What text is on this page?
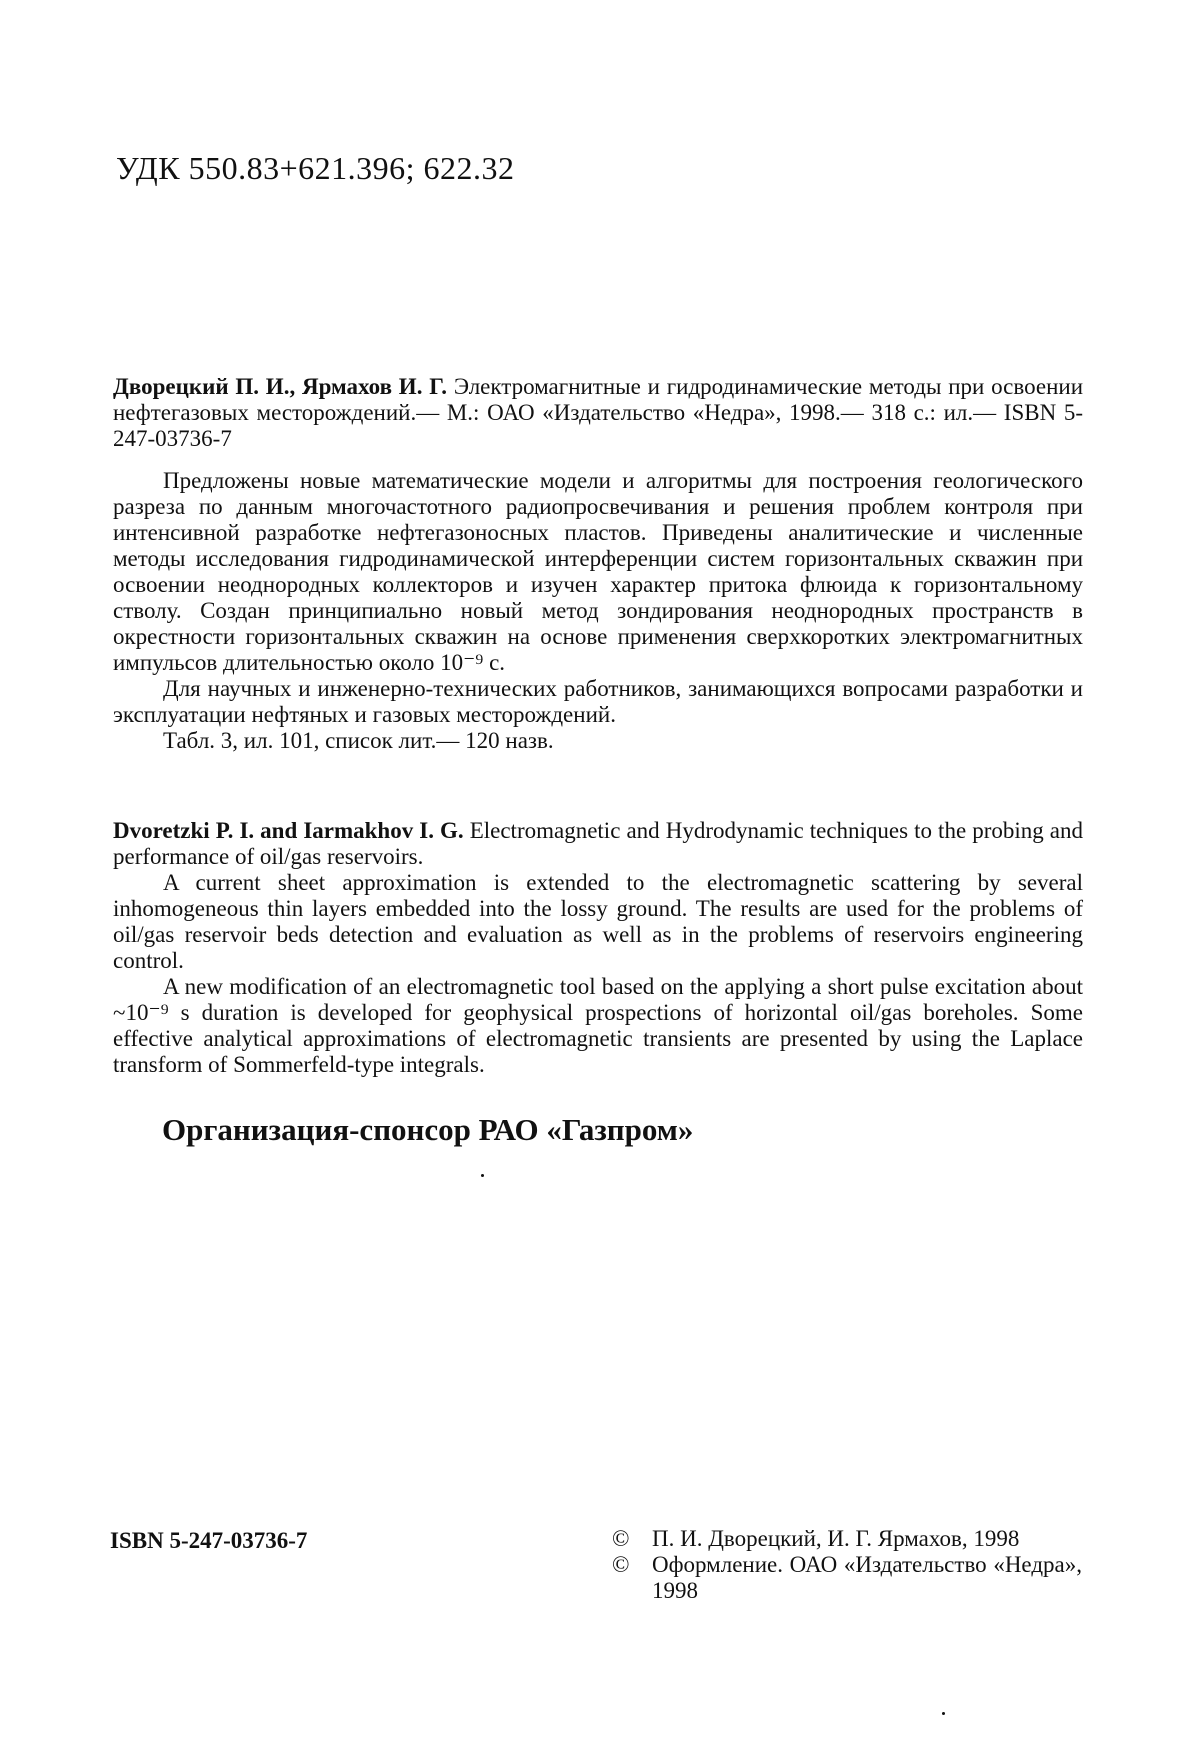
УДК 550.83+621.396; 622.32

Дворецкий П. И., Ярмахов И. Г. Электромагнитные и гидродинамические методы при освоении нефтегазовых месторождений.— М.: ОАО «Издательство «Недра», 1998.— 318 с.: ил.— ISBN 5-247-03736-7

Предложены новые математические модели и алгоритмы для построения геологического разреза по данным многочастотного радиопросвечивания и решения проблем контроля при интенсивной разработке нефтегазоносных пластов. Приведены аналитические и численные методы исследования гидродинамической интерференции систем горизонтальных скважин при освоении неоднородных коллекторов и изучен характер притока флюида к горизонтальному стволу. Создан принципиально новый метод зондирования неоднородных пространств в окрестности горизонтальных скважин на основе применения сверхкоротких электромагнитных импульсов длительностью около 10⁻⁹ с.

Для научных и инженерно-технических работников, занимающихся вопросами разработки и эксплуатации нефтяных и газовых месторождений.

Табл. 3, ил. 101, список лит.— 120 назв.

Dvoretzki P. I. and Iarmakhov I. G. Electromagnetic and Hydrodynamic techniques to the probing and performance of oil/gas reservoirs.

A current sheet approximation is extended to the electromagnetic scattering by several inhomogeneous thin layers embedded into the lossy ground. The results are used for the problems of oil/gas reservoir beds detection and evaluation as well as in the problems of reservoirs engineering control.

A new modification of an electromagnetic tool based on the applying a short pulse excitation about ~10⁻⁹ s duration is developed for geophysical prospections of horizontal oil/gas boreholes. Some effective analytical approximations of electromagnetic transients are presented by using the Laplace transform of Sommerfeld-type integrals.

Организация-спонсор РАО «Газпром»
ISBN 5-247-03736-7	© П. И. Дворецкий, И. Г. Ярмахов, 1998
© Оформление. ОАО «Издательство «Недра», 1998
